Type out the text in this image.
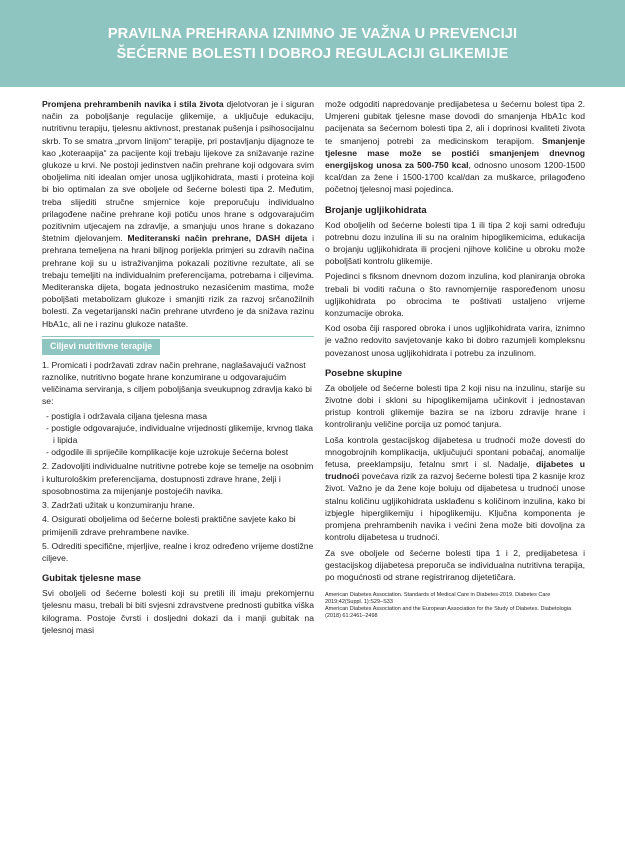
PRAVILNA PREHRANA IZNIMNO JE VAŽNA U PREVENCIJI
ŠEĆERNE BOLESTI I DOBROJ REGULACIJI GLIKEMIJE

Promjena prehrambenih navika i stila života djelotvoran je i siguran način za poboljšanje regulacije glikemije, a uključuje edukaciju, nutritivnu terapiju, tjelesnu aktivnost, prestanak pušenja i psihosocijalnu skrb. To se smatra „prvom linijom“ terapije, pri postavljanju dijagnoze te kao „koteraapija“ za pacijente koji trebaju lijekove za snižavanje razine glukoze u krvi. Ne postoji jedinstven način prehrane koji odgovara svim oboljelima niti idealan omjer unosa ugljikohidrata, masti i proteina koji bi bio optimalan za sve oboljele od šećerne bolesti tipa 2. Međutim, treba slijediti stručne smjernice koje preporučuju individualno prilagođene načine prehrane koji potiču unos hrane s odgovarajućim pozitivnim utjecajem na zdravlje, a smanjuju unos hrane s dokazano štetnim djelovanjem. Mediteranski način prehrane, DASH dijeta i prehrana temeljena na hrani biljnog porijekla primjeri su zdravih načina prehrane koji su u istraživanjima pokazali pozitivne rezultate, ali se trebaju temeljiti na individualnim preferencijama, potrebama i ciljevima. Mediteranska dijeta, bogata jednostruko nezasićenim mastima, može poboljšati metabolizam glukoze i smanjiti rizik za razvoj srčanožilnih bolesti. Za vegetarijanski način prehrane utvrđeno je da snižava razinu HbA1c, ali ne i razinu glukoze natašte.

Ciljevi nutritivne terapije
1. Promicati i podržavati zdrav način prehrane, naglašavajući važnost raznolike, nutritivno bogate hrane konzumirane u odgovarajućim veličinama serviranja, s ciljem poboljšanja sveukupnog zdravlja kako bi se:
- postigla i održavala ciljana tjelesna masa
- postigle odgovarajuće, individualne vrijednosti glikemije, krvnog tlaka i lipida
- odgodile ili spriječile komplikacije koje uzrokuje šećerna bolest
2. Zadovoljiti individualne nutritivne potrebe koje se temelje na osobnim i kulturološkim preferencijama, dostupnosti zdrave hrane, želji i sposobnostima za mijenjanje postojećih navika.
3. Zadržati užitak u konzumiranju hrane.
4. Osigurati oboljelima od šećerne bolesti praktične savjete kako bi primijenili zdrave prehrambene navike.
5. Odrediti specifične, mjerljive, realne i kroz određeno vrijeme dostižne ciljeve.
Gubitak tjelesne mase

Svi oboljeli od šećerne bolesti koji su pretili ili imaju prekomjernu tjelesnu masu, trebali bi biti svjesni zdravstvene prednosti gubitka viška kilograma. Postoje čvrsti i dosljedni dokazi da i manji gubitak na tjelesnoj masi

može odgoditi napredovanje predijabetesa u šećernu bolest tipa 2. Umjereni gubitak tjelesne mase dovodi do smanjenja HbA1c kod pacijenata sa šećernom bolesti tipa 2, ali i doprinosi kvaliteti života te smanjenoj potrebi za medicinskom terapijom. Smanjenje tjelesne mase može se postići smanjenjem dnevnog energijskog unosa za 500-750 kcal, odnosno unosom 1200-1500 kcal/dan za žene i 1500-1700 kcal/dan za muškarce, prilagođeno početnoj tjelesnoj masi pojedinca.

Brojanje ugljikohidrata

Kod oboljelih od šećerne bolesti tipa 1 ili tipa 2 koji sami određuju potrebnu dozu inzulina ili su na oralnim hipoglikemicima, edukacija o brojanju ugljikohidrata ili procjeni njihove količine u obroku može poboljšati kontrolu glikemije.

Pojedinci s fiksnom dnevnom dozom inzulina, kod planiranja obroka trebali bi voditi računa o što ravnomjernije raspoređenom unosu ugljikohidrata po obrocima te poštivati ustaljeno vrijeme konzumacije obroka.

Kod osoba čiji raspored obroka i unos ugljikohidrata varira, iznimno je važno redovito savjetovanje kako bi dobro razumjeli kompleksnu povezanost unosa ugljikohidrata i potrebu za inzulinom.

Posebne skupine

Za oboljele od šećerne bolesti tipa 2 koji nisu na inzulinu, starije su životne dobi i skloni su hipoglikemijama učinkovit i jednostavan pristup kontroli glikemije bazira se na izboru zdravije hrane i kontroliranju veličine porcija uz pomoć tanjura.

Loša kontrola gestacijskog dijabetesa u trudnoći može dovesti do mnogobrojnih komplikacija, uključujući spontani pobačaj, anomalije fetusa, preeklampsiju, fetalnu smrt i sl. Nadalje, dijabetes u trudnoći povećava rizik za razvoj šećerne bolesti tipa 2 kasnije kroz život. Važno je da žene koje boluju od dijabetesa u trudnoći unose stalnu količinu ugljikohidrata usklađenu s količinom inzulina, kako bi izbjegle hiperglikemiju i hipoglikemiju. Ključna komponenta je promjena prehrambenih navika i većini žena može biti dovoljna za kontrolu dijabetesa u trudnoći.

Za sve oboljele od šećerne bolesti tipa 1 i 2, predijabetesa i gestacijskog dijabetesa preporuča se individualna nutritivna terapija, po mogućnosti od strane registriranog dijetetičara.

American Diabetes Association. Standards of Medical Care in Diabetes-2019. Diabetes Care 2019;42(Suppl. 1):S29–S33
American Diabetes Association and the European Association for the Study of Diabetes. Diabetologia (2018) 61:2461–2498
